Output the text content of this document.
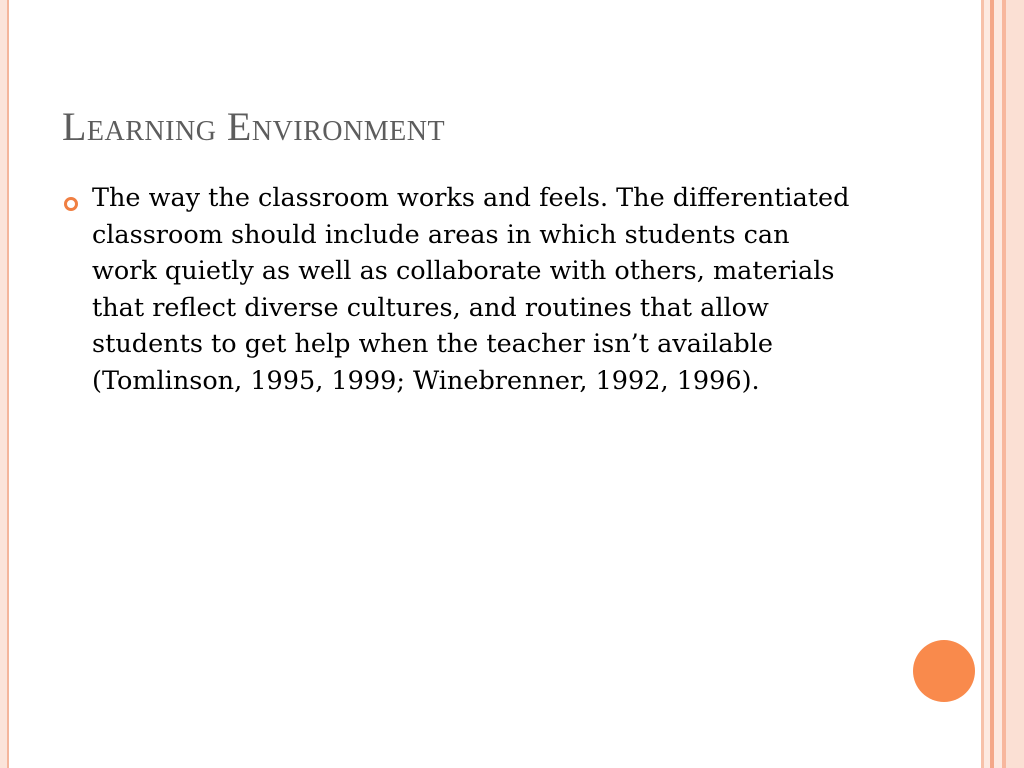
Learning Environment

The way the classroom works and feels. The differentiated classroom should include areas in which students can work quietly as well as collaborate with others, materials that reflect diverse cultures, and routines that allow students to get help when the teacher isn’t available (Tomlinson, 1995, 1999; Winebrenner, 1992, 1996).
